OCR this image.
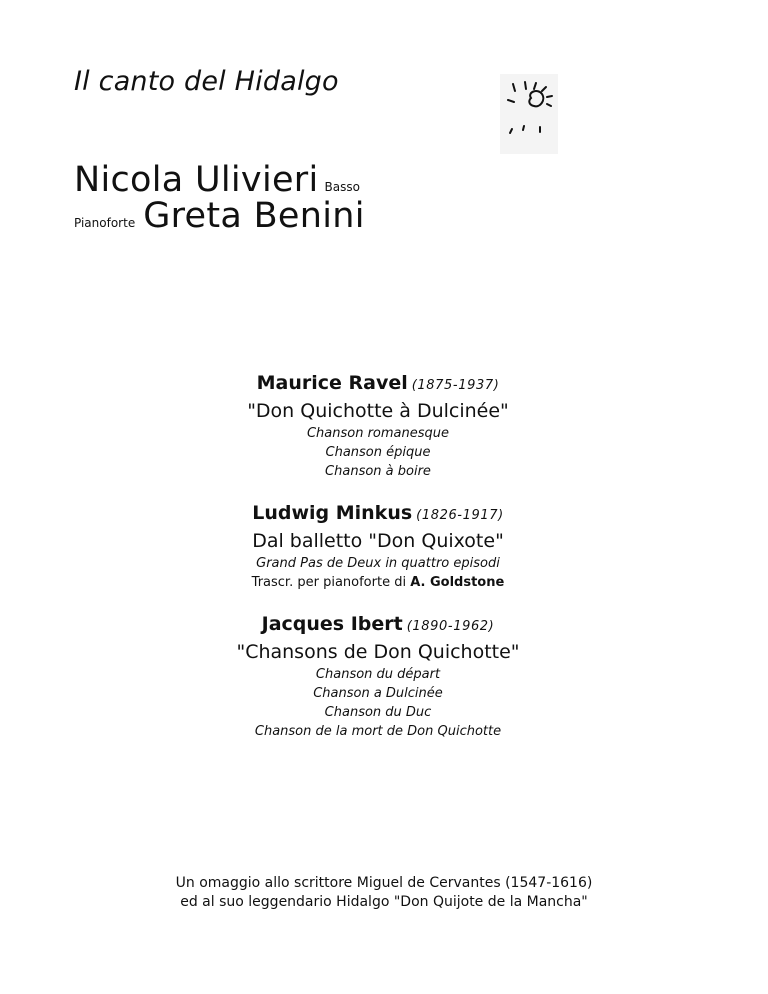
Il canto del Hidalgo
Nicola Ulivieri Basso
Pianoforte Greta Benini
Maurice Ravel (1875-1937)
"Don Quichotte à Dulcinée"
Chanson romanesque
Chanson épique
Chanson à boire
Ludwig Minkus (1826-1917)
Dal balletto "Don Quixote"
Grand Pas de Deux in quattro episodi
Trascr. per pianoforte di A. Goldstone
Jacques Ibert (1890-1962)
"Chansons de Don Quichotte"
Chanson du départ
Chanson a Dulcinée
Chanson du Duc
Chanson de la mort de Don Quichotte
Un omaggio allo scrittore Miguel de Cervantes (1547-1616)
ed al suo leggendario Hidalgo "Don Quijote de la Mancha"
